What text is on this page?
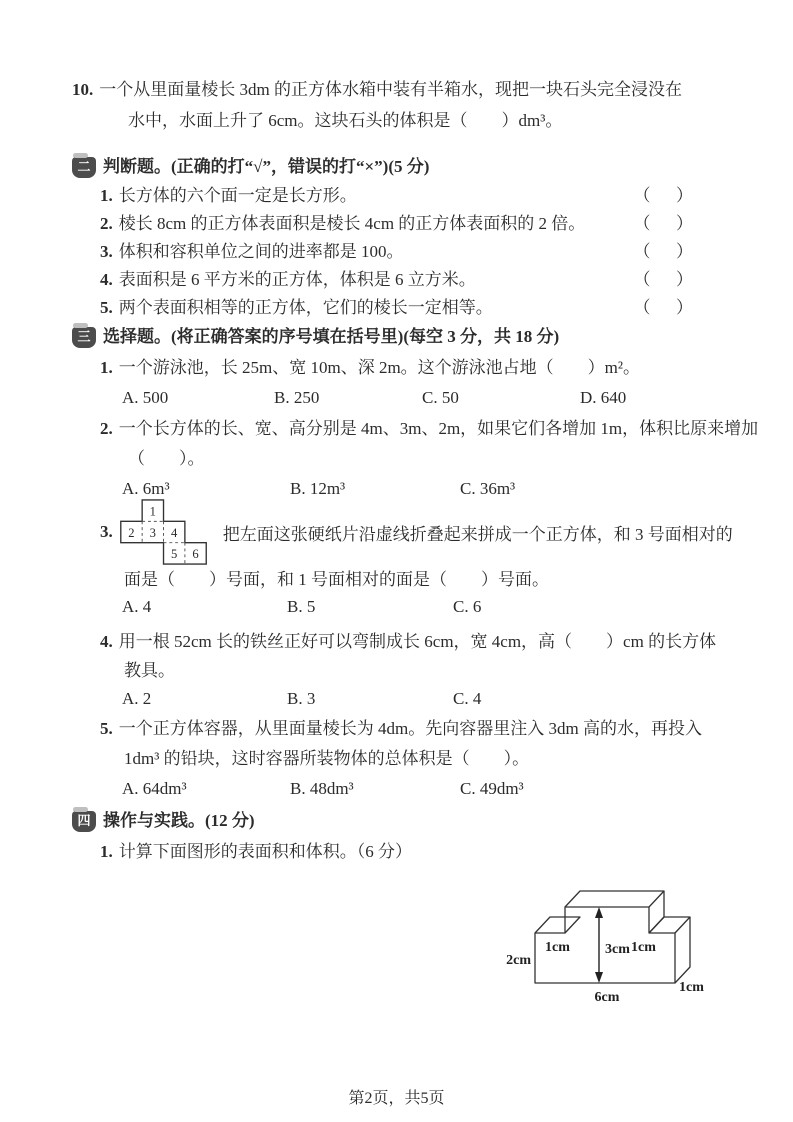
10. 一个从里面量棱长 3dm 的正方体水箱中装有半箱水，现把一块石头完全浸没在
水中，水面上升了 6cm。这块石头的体积是（        ）dm³。
二 判断题。(正确的打“√”，错误的打“×”)(5 分)
1. 长方体的六个面一定是长方形。	（      ）
2. 棱长 8cm 的正方体表面积是棱长 4cm 的正方体表面积的 2 倍。	（      ）
3. 体积和容积单位之间的进率都是 100。	（      ）
4. 表面积是 6 平方米的正方体，体积是 6 立方米。	（      ）
5. 两个表面积相等的正方体，它们的棱长一定相等。	（      ）
三 选择题。(将正确答案的序号填在括号里)(每空 3 分，共 18 分)
1. 一个游泳池，长 25m、宽 10m、深 2m。这个游泳池占地（        ）m²。
A. 500	B. 250	C. 50	D. 640
2. 一个长方体的长、宽、高分别是 4m、3m、2m，如果它们各增加 1m，体积比原来增加
（        ）。
A. 6m³	B. 12m³	C. 36m³
3.
1
2 3 4
5 6
把左面这张硬纸片沿虚线折叠起来拼成一个正方体，和 3 号面相对的
面是（        ）号面，和 1 号面相对的面是（        ）号面。
A. 4	B. 5	C. 6
4. 用一根 52cm 长的铁丝正好可以弯制成长 6cm，宽 4cm，高（        ）cm 的长方体
教具。
A. 2	B. 3	C. 4
5. 一个正方体容器，从里面量棱长为 4dm。先向容器里注入 3dm 高的水，再投入
1dm³ 的铅块，这时容器所装物体的总体积是（        ）。
A. 64dm³	B. 48dm³	C. 49dm³
四 操作与实践。(12 分)
1. 计算下面图形的表面积和体积。（6 分）
1cm	3cm 1cm
2cm
6cm
1cm
第2页，共5页
